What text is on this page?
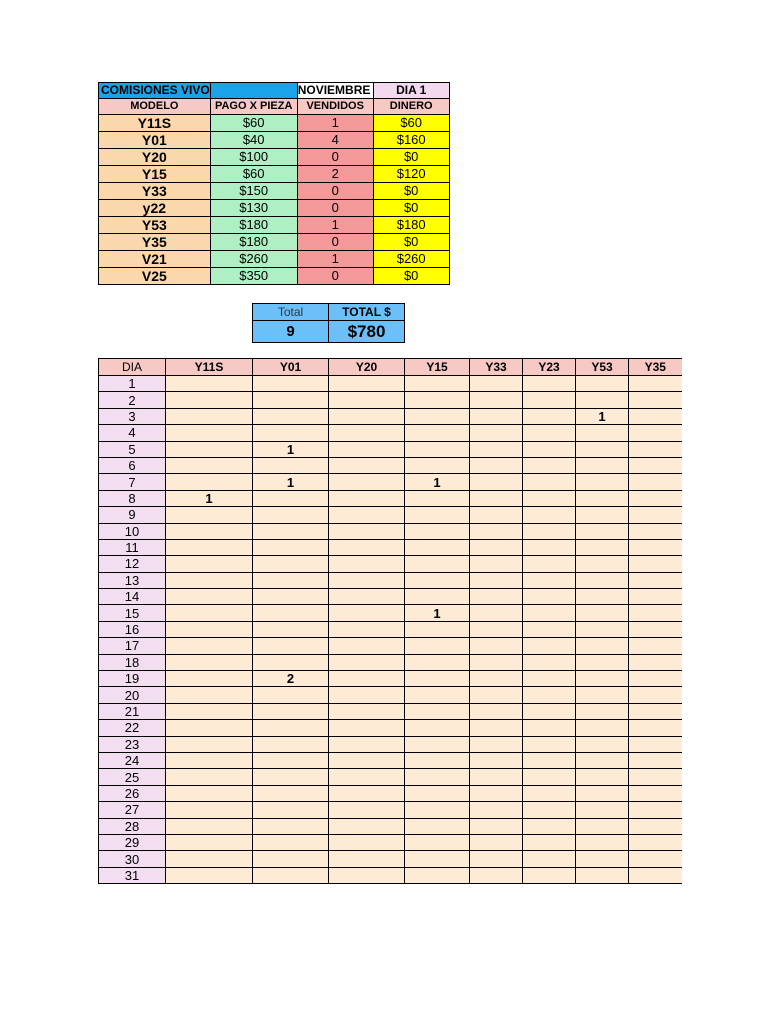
COMISIONES VIVO		NOVIEMBRE	DIA 1
MODELO	PAGO X PIEZA	VENDIDOS	DINERO
Y11S	$60	1	$60
Y01	$40	4	$160
Y20	$100	0	$0
Y15	$60	2	$120
Y33	$150	0	$0
y22	$130	0	$0
Y53	$180	1	$180
Y35	$180	0	$0
V21	$260	1	$260
V25	$350	0	$0
Total	TOTAL $
9	$780
DIA	Y11S	Y01	Y20	Y15	Y33	Y23	Y53	Y35
1								
2								
3							1	
4								
5		1						
6								
7		1		1				
8	1							
9								
10								
11								
12								
13								
14								
15				1				
16								
17								
18								
19		2						
20								
21								
22								
23								
24								
25								
26								
27								
28								
29								
30								
31								
